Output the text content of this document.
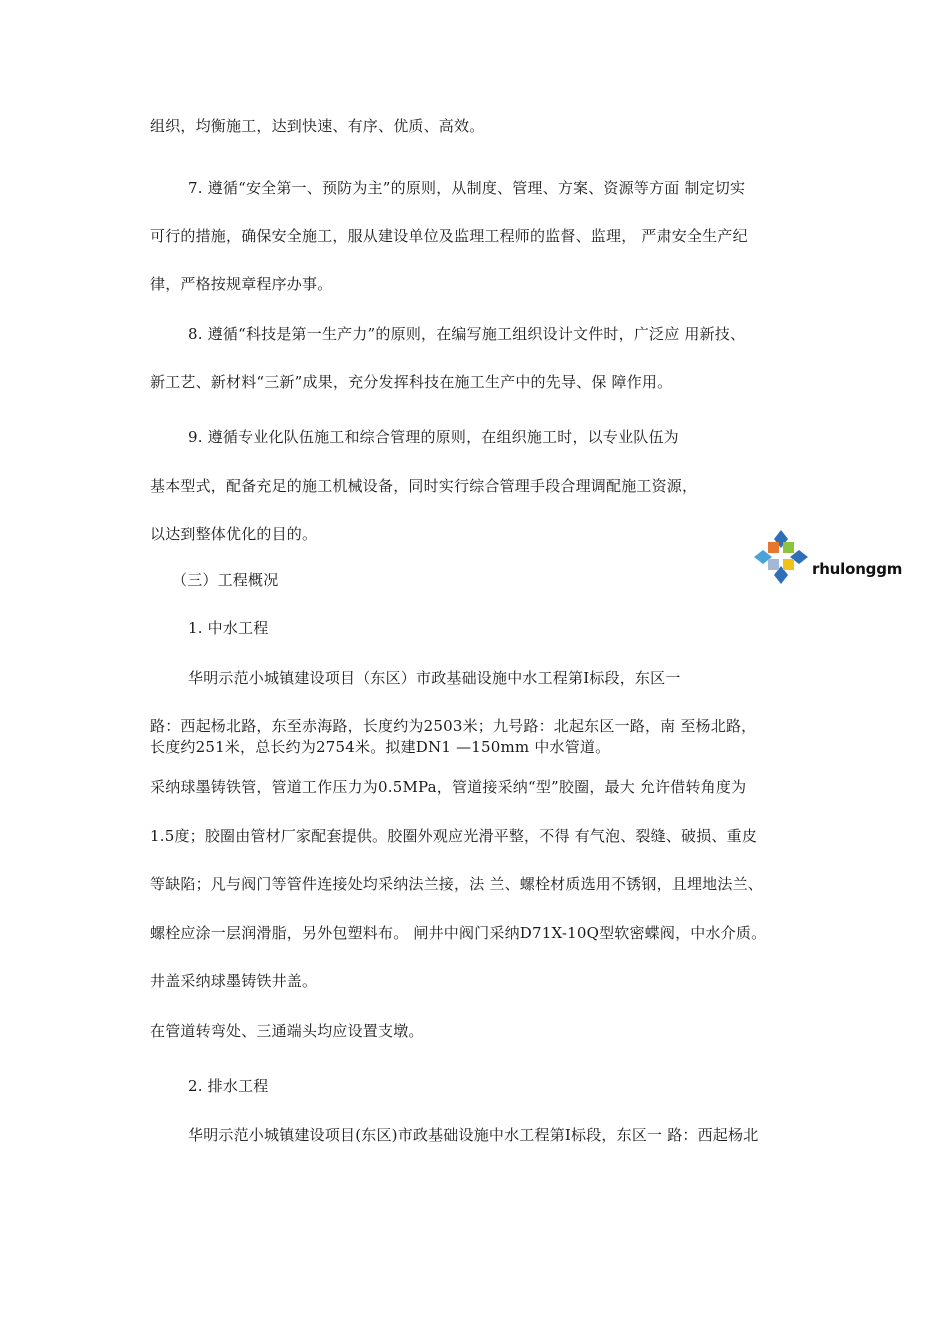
组织，均衡施工，达到快速、有序、优质、高效。
7. 遵循“安全第一、预防为主”的原则，从制度、管理、方案、资源等方面 制定切实
可行的措施，确保安全施工，服从建设单位及监理工程师的监督、监理， 严肃安全生产纪
律，严格按规章程序办事。
8. 遵循“科技是第一生产力”的原则，在编写施工组织设计文件时，广泛应 用新技、
新工艺、新材料“三新”成果，充分发挥科技在施工生产中的先导、保 障作用。
9. 遵循专业化队伍施工和综合管理的原则，在组织施工时，以专业队伍为
基本型式，配备充足的施工机械设备，同时实行综合管理手段合理调配施工资源，
以达到整体优化的目的。
（三）工程概况
1. 中水工程
华明示范小城镇建设项目（东区）市政基础设施中水工程第Ⅰ标段，东区一
路：西起杨北路，东至赤海路，长度约为2503米；九号路：北起东区一路，南 至杨北路，
长度约251米，总长约为2754米。拟建DN1 —150mm 中水管道。
采纳球墨铸铁管，管道工作压力为0.5MPa，管道接采纳“型”胶圈，最大 允许借转角度为
1.5度；胶圈由管材厂家配套提供。胶圈外观应光滑平整，不得 有气泡、裂缝、破损、重皮
等缺陷；凡与阀门等管件连接处均采纳法兰接，法 兰、螺栓材质选用不锈钢，且埋地法兰、
螺栓应涂一层润滑脂，另外包塑料布。 闸井中阀门采纳D71X-10Q型软密蝶阀，中水介质。
井盖采纳球墨铸铁井盖。
在管道转弯处、三通端头均应设置支墩。
2. 排水工程
华明示范小城镇建设项目(东区)市政基础设施中水工程第Ⅰ标段，东区一 路：西起杨北
rhulonggm
